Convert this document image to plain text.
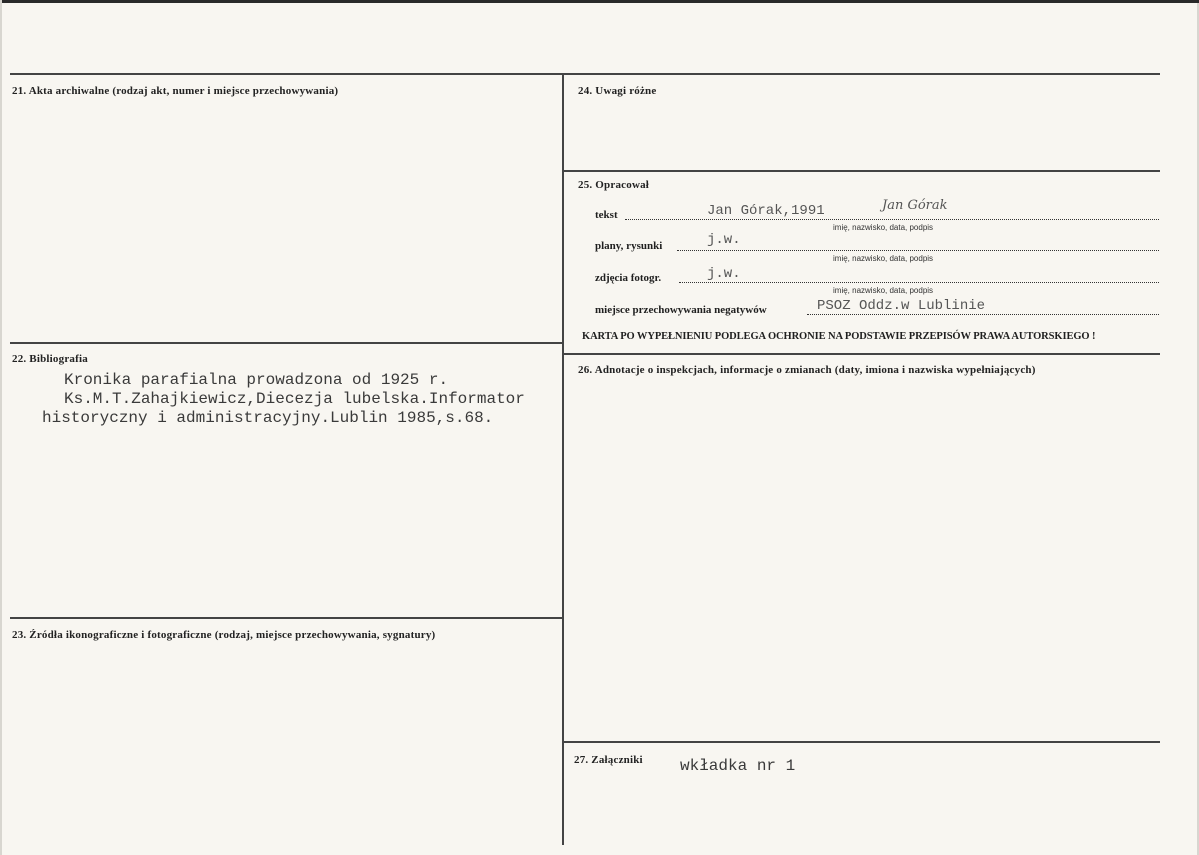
21. Akta archiwalne (rodzaj akt, numer i miejsce przechowywania)
22. Bibliografia
Kronika parafialna prowadzona od 1925 r.
Ks.M.T.Zahajkiewicz,Diecezja lubelska.Informator
historyczny i administracyjny.Lublin 1985,s.68.
23. Źródła ikonograficzne i fotograficzne (rodzaj, miejsce przechowywania, sygnatury)
24. Uwagi różne
25. Opracował
tekst	Jan Górak,1991
imię, nazwisko, data, podpis
Jan Górak
plany, rysunki	j.w.
imię, nazwisko, data, podpis
zdjęcia fotogr.	j.w.
imię, nazwisko, data, podpis
miejsce przechowywania negatywów	PSOZ Oddz.w Lublinie
KARTA PO WYPEŁNIENIU PODLEGA OCHRONIE NA PODSTAWIE PRZEPISÓW PRAWA AUTORSKIEGO !
26. Adnotacje o inspekcjach, informacje o zmianach (daty, imiona i nazwiska wypełniających)
27. Załączniki wkładka nr 1
